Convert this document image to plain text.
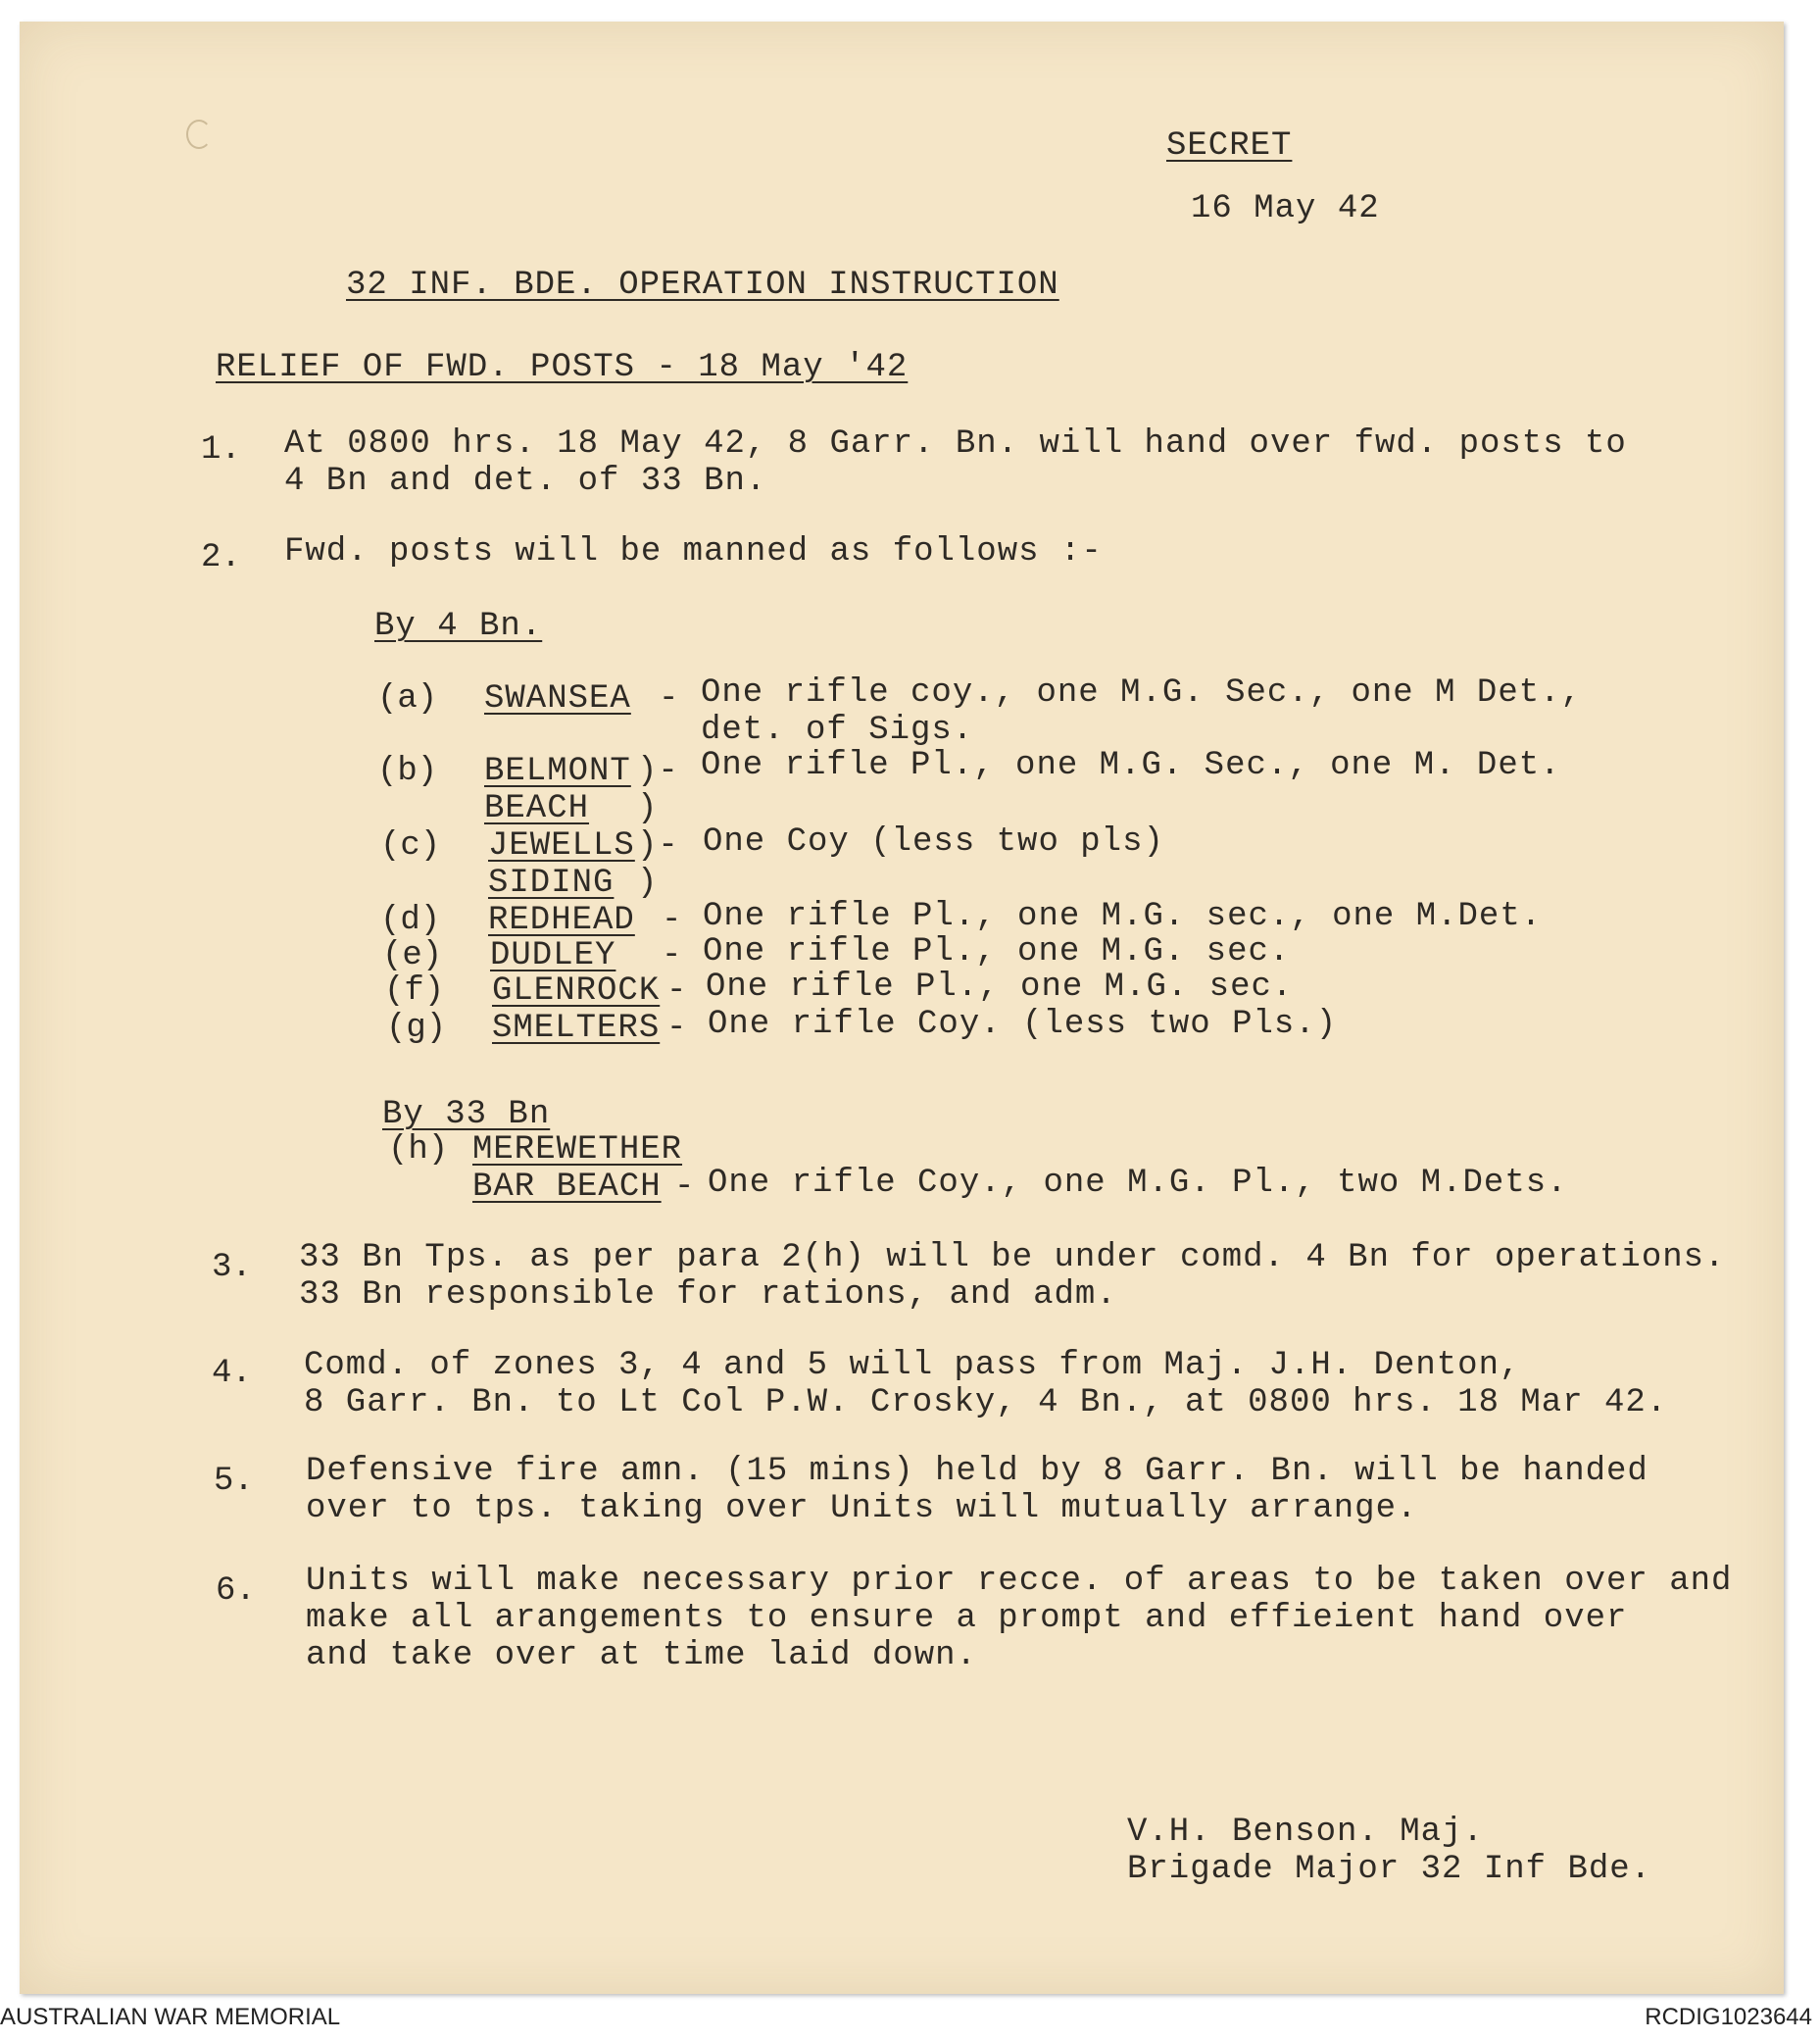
SECRET
16 May 42
32 INF. BDE. OPERATION INSTRUCTION
RELIEF OF FWD. POSTS - 18 May '42
1. At 0800 hrs. 18 May 42, 8 Garr. Bn. will hand over fwd. posts to
4 Bn and det. of 33 Bn.
2. Fwd. posts will be manned as follows :-
By 4 Bn.
(a) SWANSEA - One rifle coy., one M.G. Sec., one M Det.,
det. of Sigs.
(b) BELMONT )- One rifle Pl., one M.G. Sec., one M. Det.
BEACH )
(c) JEWELLS )- One Coy (less two pls)
SIDING )
(d) REDHEAD - One rifle Pl., one M.G. sec., one M.Det.
(e) DUDLEY - One rifle Pl., one M.G. sec.
(f) GLENROCK - One rifle Pl., one M.G. sec.
(g) SMELTERS - One rifle Coy. (less two Pls.)
By 33 Bn
(h) MEREWETHER
BAR BEACH - One rifle Coy., one M.G. Pl., two M.Dets.
3. 33 Bn Tps. as per para 2(h) will be under comd. 4 Bn for operations.
33 Bn responsible for rations, and adm.
4. Comd. of zones 3, 4 and 5 will pass from Maj. J.H. Denton,
8 Garr. Bn. to Lt Col P.W. Crosky, 4 Bn., at 0800 hrs. 18 Mar 42.
5. Defensive fire amn. (15 mins) held by 8 Garr. Bn. will be handed
over to tps. taking over Units will mutually arrange.
6. Units will make necessary prior recce. of areas to be taken over and
make all arangements to ensure a prompt and effieient hand over
and take over at time laid down.
V.H. Benson. Maj.
Brigade Major 32 Inf Bde.
AUSTRALIAN WAR MEMORIAL	RCDIG1023644
